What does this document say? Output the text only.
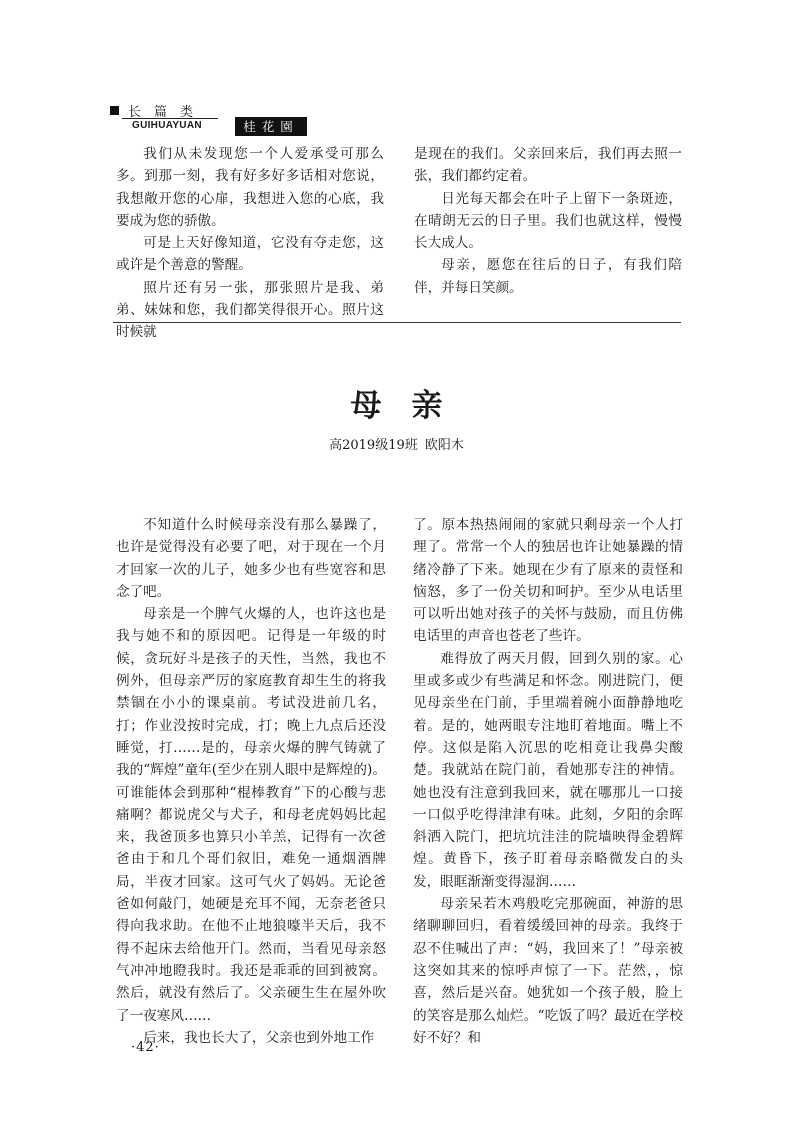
长篇类
GUIHUAYUAN	桂花園

我们从未发现您一个人爱承受可那么多。到那一刻，我有好多好多话相对您说，我想敞开您的心扉，我想进入您的心底，我要成为您的骄傲。

可是上天好像知道，它没有夺走您，这或许是个善意的警醒。

照片还有另一张，那张照片是我、弟弟、妹妹和您，我们都笑得很开心。照片这时候就

是现在的我们。父亲回来后，我们再去照一张，我们都约定着。

日光每天都会在叶子上留下一条斑迹，在晴朗无云的日子里。我们也就这样，慢慢长大成人。

母亲，愿您在往后的日子，有我们陪伴，并每日笑颜。

母亲
高2019级19班 欧阳木

不知道什么时候母亲没有那么暴躁了，也许是觉得没有必要了吧，对于现在一个月才回家一次的儿子，她多少也有些宽容和思念了吧。

母亲是一个脾气火爆的人，也许这也是我与她不和的原因吧。记得是一年级的时候，贪玩好斗是孩子的天性，当然，我也不例外，但母亲严厉的家庭教育却生生的将我禁锢在小小的课桌前。考试没进前几名，打；作业没按时完成，打；晚上九点后还没睡觉，打……是的，母亲火爆的脾气铸就了我的“辉煌”童年(至少在别人眼中是辉煌的)。可谁能体会到那种“棍棒教育”下的心酸与悲痛啊？都说虎父与犬子，和母老虎妈妈比起来，我爸顶多也算只小羊羔，记得有一次爸爸由于和几个哥们叙旧，难免一通烟酒牌局，半夜才回家。这可气火了妈妈。无论爸爸如何敲门，她硬是充耳不闻，无奈老爸只得向我求助。在他不止地狼嚎半天后，我不得不起床去给他开门。然而，当看见母亲怒气冲冲地瞪我时。我还是乖乖的回到被窝。然后，就没有然后了。父亲硬生生在屋外吹了一夜寒风……

后来，我也长大了，父亲也到外地工作

了。原本热热闹闹的家就只剩母亲一个人打理了。常常一个人的独居也许让她暴躁的情绪冷静了下来。她现在少有了原来的责怪和恼怒，多了一份关切和呵护。至少从电话里可以听出她对孩子的关怀与鼓励，而且仿佛电话里的声音也苍老了些许。

难得放了两天月假，回到久别的家。心里或多或少有些满足和怀念。刚进院门，便见母亲坐在门前，手里端着碗小面静静地吃着。是的，她两眼专注地盯着地面。嘴上不停。这似是陷入沉思的吃相竟让我鼻尖酸楚。我就站在院门前，看她那专注的神情。她也没有注意到我回来，就在哪那儿一口接一口似乎吃得津津有味。此刻，夕阳的余晖斜洒入院门，把坑坑洼洼的院墙映得金碧辉煌。黄昏下，孩子盯着母亲略微发白的头发，眼眶渐渐变得湿润……

母亲呆若木鸡般吃完那碗面，神游的思绪聊聊回归，看着缓缓回神的母亲。我终于忍不住喊出了声：“妈，我回来了！”母亲被这突如其来的惊呼声惊了一下。茫然，，惊喜，然后是兴奋。她犹如一个孩子般，脸上的笑容是那么灿烂。“吃饭了吗？最近在学校好不好？和

·42·
